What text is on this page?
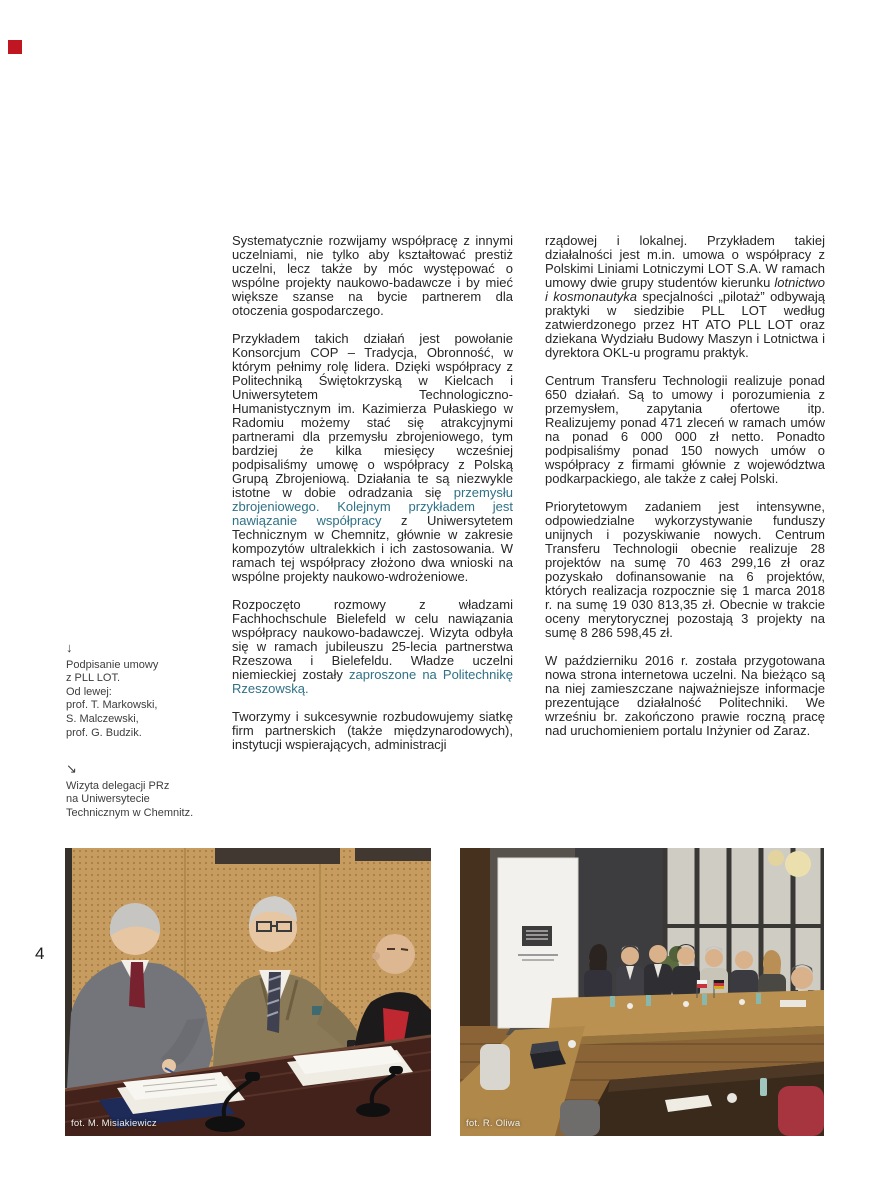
4
↓
Podpisanie umowy
z PLL LOT.
Od lewej:
prof. T. Markowski,
S. Malczewski,
prof. G. Budzik.
↘
Wizyta delegacji PRz
na Uniwersytecie
Technicznym w Chemnitz.

Systematycznie rozwijamy współpracę z innymi uczelniami, nie tylko aby kształtować prestiż uczelni, lecz także by móc występować o wspólne projekty naukowo-badawcze i by mieć większe szanse na bycie partnerem dla otoczenia gospodarczego.

Przykładem takich działań jest powołanie Konsorcjum COP – Tradycja, Obronność, w którym pełnimy rolę lidera. Dzięki współpracy z Politechniką Świętokrzyską w Kielcach i Uniwersytetem Technologiczno-Humanistycznym im. Kazimierza Pułaskiego w Radomiu możemy stać się atrakcyjnymi partnerami dla przemysłu zbrojeniowego, tym bardziej że kilka miesięcy wcześniej podpisaliśmy umowę o współpracy z Polską Grupą Zbrojeniową. Działania te są niezwykle istotne w dobie odradzania się przemysłu zbrojeniowego. Kolejnym przykładem jest nawiązanie współpracy z Uniwersytetem Technicznym w Chemnitz, głównie w zakresie kompozytów ultralekkich i ich zastosowania. W ramach tej współpracy złożono dwa wnioski na wspólne projekty naukowo-wdrożeniowe.

Rozpoczęto rozmowy z władzami Fachhochschule Bielefeld w celu nawiązania współpracy naukowo-badawczej. Wizyta odbyła się w ramach jubileuszu 25-lecia partnerstwa Rzeszowa i Bielefeldu. Władze uczelni niemieckiej zostały zaproszone na Politechnikę Rzeszowską.

Tworzymy i sukcesywnie rozbudowujemy siatkę firm partnerskich (także międzynarodowych), instytucji wspierających, administracji

rządowej i lokalnej. Przykładem takiej działalności jest m.in. umowa o współpracy z Polskimi Liniami Lotniczymi LOT S.A. W ramach umowy dwie grupy studentów kierunku lotnictwo i kosmonautyka specjalności „pilotaż” odbywają praktyki w siedzibie PLL LOT według zatwierdzonego przez HT ATO PLL LOT oraz dziekana Wydziału Budowy Maszyn i Lotnictwa i dyrektora OKL-u programu praktyk.

Centrum Transferu Technologii realizuje ponad 650 działań. Są to umowy i porozumienia z przemysłem, zapytania ofertowe itp. Realizujemy ponad 471 zleceń w ramach umów na ponad 6 000 000 zł netto. Ponadto podpisaliśmy ponad 150 nowych umów o współpracy z firmami głównie z województwa podkarpackiego, ale także z całej Polski.

Priorytetowym zadaniem jest intensywne, odpowiedzialne wykorzystywanie funduszy unijnych i pozyskiwanie nowych. Centrum Transferu Technologii obecnie realizuje 28 projektów na sumę 70 463 299,16 zł oraz pozyskało dofinansowanie na 6 projektów, których realizacja rozpocznie się 1 marca 2018 r. na sumę 19 030 813,35 zł. Obecnie w trakcie oceny merytorycznej pozostają 3 projekty na sumę 8 286 598,45 zł.

W październiku 2016 r. została przygotowana nowa strona internetowa uczelni. Na bieżąco są na niej zamieszczane najważniejsze informacje prezentujące działalność Politechniki. We wrześniu br. zakończono prawie roczną pracę nad uruchomieniem portalu Inżynier od Zaraz.

fot. M. Misiakiewicz	fot. R. Oliwa
